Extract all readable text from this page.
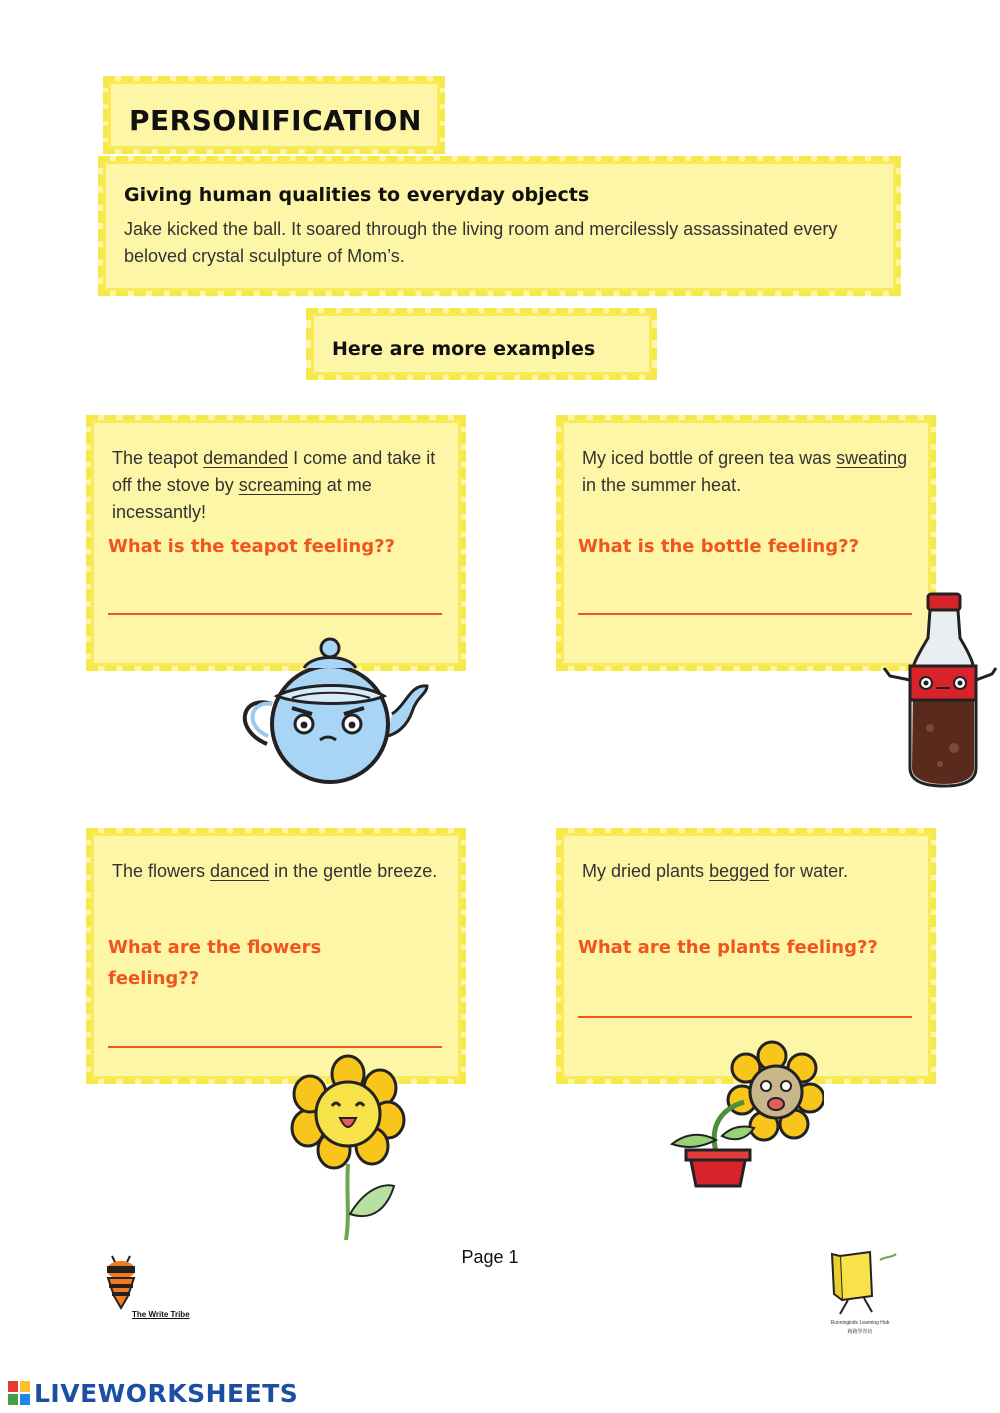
PERSONIFICATION
Giving human qualities to everyday objects
Jake kicked the ball. It soared through the living room and mercilessly assassinated every beloved crystal sculpture of Mom’s.
Here are more examples
The teapot demanded I come and take it off the stove by screaming at me incessantly!
What is the teapot feeling??
My iced bottle of green tea was sweating in the summer heat.
What is the bottle feeling??
The flowers danced in the gentle breeze.
What are the flowers feeling??
My dried plants begged for water.
What are the plants feeling??
Page 1
The Write Tribe
Runningkids Learning Hub
跑跑學習坊
LIVEWORKSHEETS
